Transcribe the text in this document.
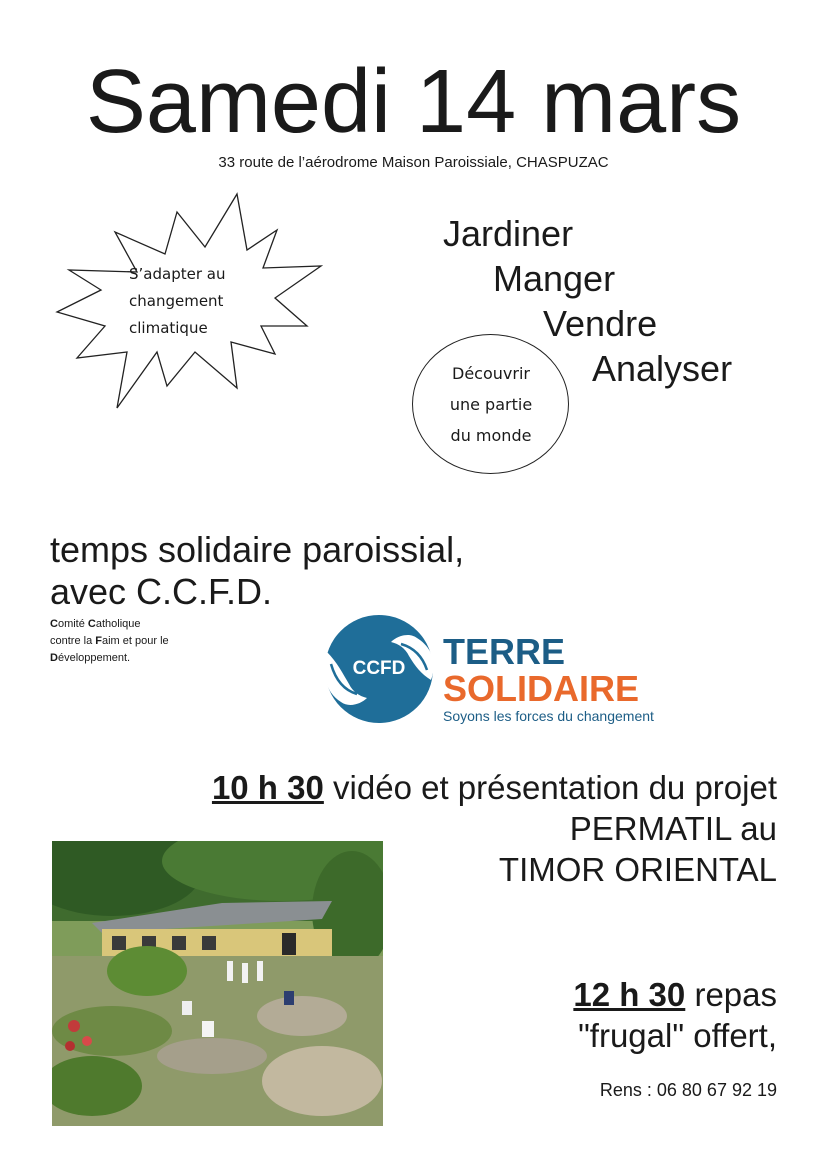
Samedi 14 mars
33 route de l’aérodrome Maison Paroissiale, CHASPUZAC
S’adapter au
changement
climatique
Jardiner
Manger
Vendre
Analyser
Découvrir
une partie
du monde
temps solidaire paroissial,
avec C.C.F.D.
Comité Catholique
contre la Faim et pour le
Développement.	CCFD TERRE
SOLIDAIRE
Soyons les forces du changement
10 h 30 vidéo et présentation du projet
PERMATIL au
TIMOR ORIENTAL
12 h 30 repas
"frugal" offert,
Rens : 06 80 67 92 19
